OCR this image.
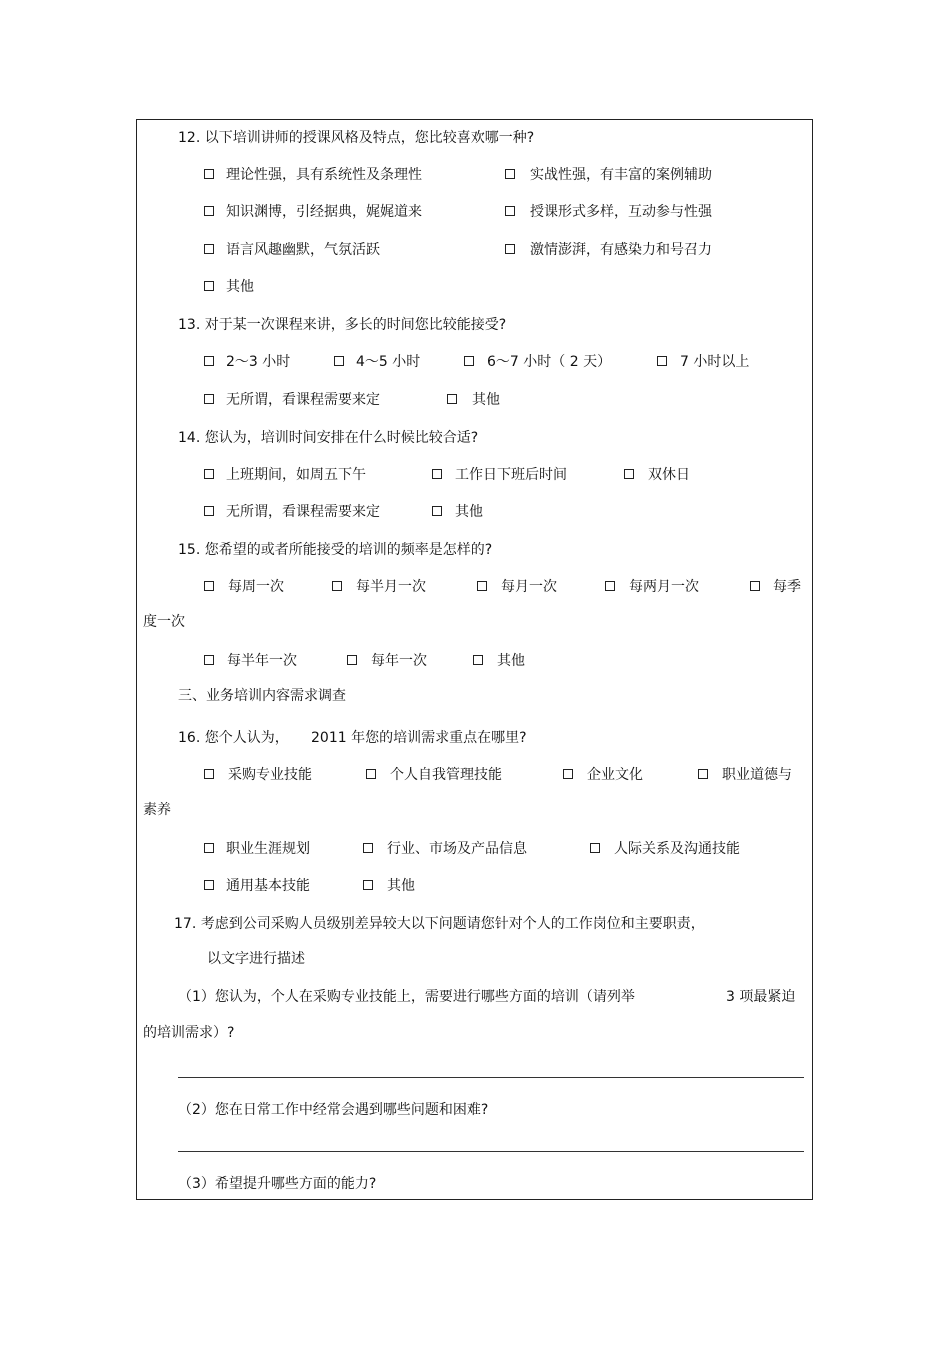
12. 以下培训讲师的授课风格及特点，您比较喜欢哪一种?
理论性强，具有系统性及条理性	实战性强，有丰富的案例辅助
知识渊博，引经据典，娓娓道来	授课形式多样，互动参与性强
语言风趣幽默，气氛活跃	激情澎湃，有感染力和号召力
其他
13. 对于某一次课程来讲，多长的时间您比较能接受?
2～3 小时	4～5 小时	6～7 小时（ 2 天）	7 小时以上
无所谓，看课程需要来定	其他
14. 您认为，培训时间安排在什么时候比较合适?
上班期间，如周五下午	工作日下班后时间	双休日
无所谓，看课程需要来定	其他
15. 您希望的或者所能接受的培训的频率是怎样的?
每周一次	每半月一次	每月一次	每两月一次	每季
度一次
每半年一次	每年一次	其他
三、业务培训内容需求调查
16. 您个人认为， 2011 年您的培训需求重点在哪里?
采购专业技能	个人自我管理技能	企业文化	职业道德与
素养
职业生涯规划	行业、市场及产品信息	人际关系及沟通技能
通用基本技能	其他
17. 考虑到公司采购人员级别差异较大以下问题请您针对个人的工作岗位和主要职责，
以文字进行描述
（1）您认为，个人在采购专业技能上，需要进行哪些方面的培训（请列举	3 项最紧迫
的培训需求）?
（2）您在日常工作中经常会遇到哪些问题和困难?
（3）希望提升哪些方面的能力?
